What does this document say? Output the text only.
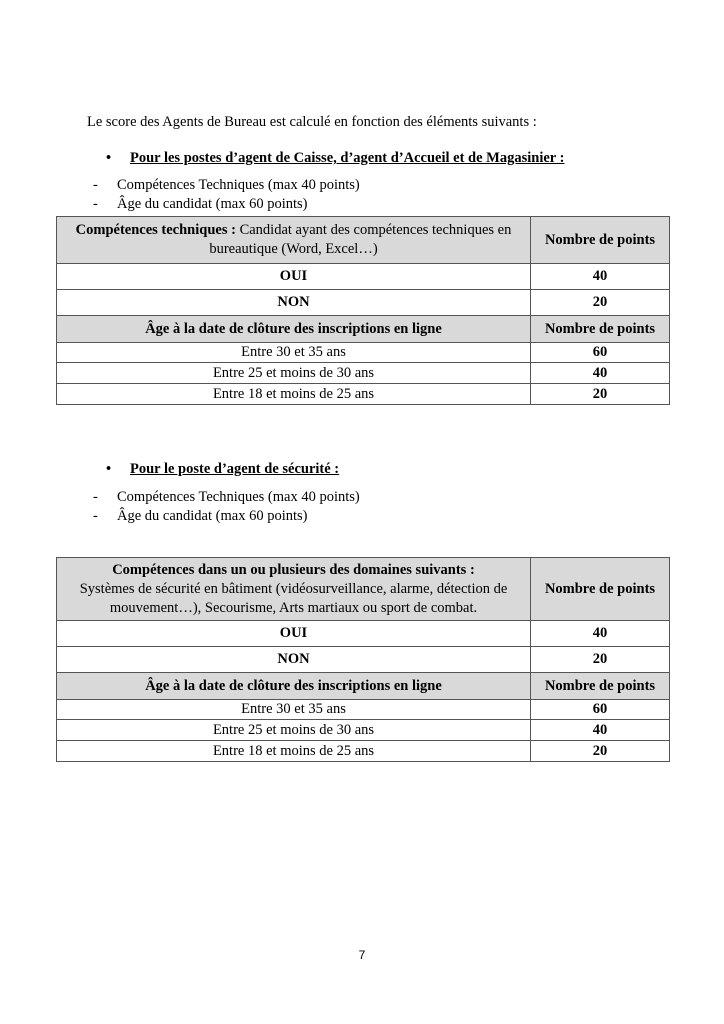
Le score des Agents de Bureau est calculé en fonction des éléments suivants :
• Pour les postes d’agent de Caisse, d’agent d’Accueil et de Magasinier :
- Compétences Techniques (max 40 points)
- Âge du candidat (max 60 points)
Compétences techniques : Candidat ayant des compétences techniques en bureautique (Word, Excel…)	Nombre de points
OUI	40
NON	20
Âge à la date de clôture des inscriptions en ligne	Nombre de points
Entre 30 et 35 ans	60
Entre 25 et moins de 30 ans	40
Entre 18 et moins de 25 ans	20
• Pour le poste d’agent de sécurité :
- Compétences Techniques (max 40 points)
- Âge du candidat (max 60 points)
Compétences dans un ou plusieurs des domaines suivants :
Systèmes de sécurité en bâtiment (vidéosurveillance, alarme, détection de mouvement…), Secourisme, Arts martiaux ou sport de combat.	Nombre de points
OUI	40
NON	20
Âge à la date de clôture des inscriptions en ligne	Nombre de points
Entre 30 et 35 ans	60
Entre 25 et moins de 30 ans	40
Entre 18 et moins de 25 ans	20
7
